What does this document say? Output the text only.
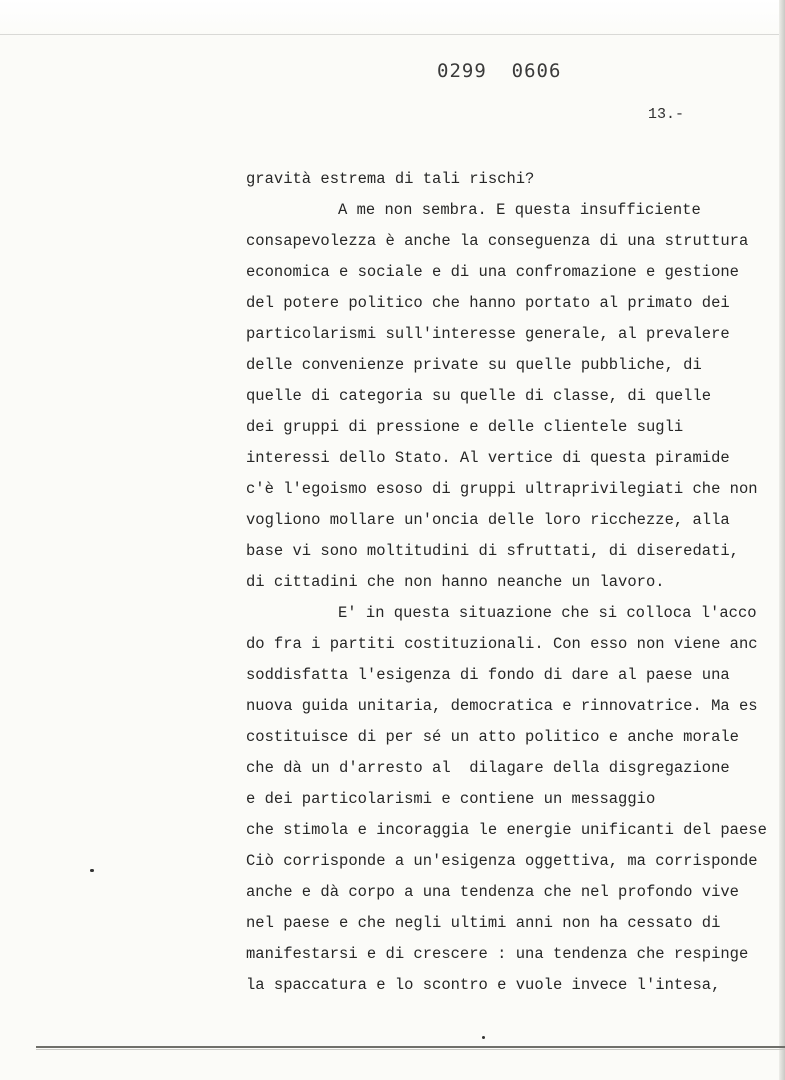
0299  0606
13.-
gravità estrema di tali rischi?
A me non sembra. E questa insufficiente
consapevolezza è anche la conseguenza di una struttura
economica e sociale e di una confromazione e gestione
del potere politico che hanno portato al primato dei
particolarismi sull'interesse generale, al prevalere
delle convenienze private su quelle pubbliche, di
quelle di categoria su quelle di classe, di quelle
dei gruppi di pressione e delle clientele sugli
interessi dello Stato. Al vertice di questa piramide
c'è l'egoismo esoso di gruppi ultraprivilegiati che non
vogliono mollare un'oncia delle loro ricchezze, alla
base vi sono moltitudini di sfruttati, di diseredati,
di cittadini che non hanno neanche un lavoro.
E' in questa situazione che si colloca l'acco
do fra i partiti costituzionali. Con esso non viene anc
soddisfatta l'esigenza di fondo di dare al paese una
nuova guida unitaria, democratica e rinnovatrice. Ma es
costituisce di per sé un atto politico e anche morale
che dà un d'arresto al  dilagare della disgregazione
e dei particolarismi e contiene un messaggio
che stimola e incoraggia le energie unificanti del paese
Ciò corrisponde a un'esigenza oggettiva, ma corrisponde
anche e dà corpo a una tendenza che nel profondo vive
nel paese e che negli ultimi anni non ha cessato di
manifestarsi e di crescere : una tendenza che respinge
la spaccatura e lo scontro e vuole invece l'intesa,
